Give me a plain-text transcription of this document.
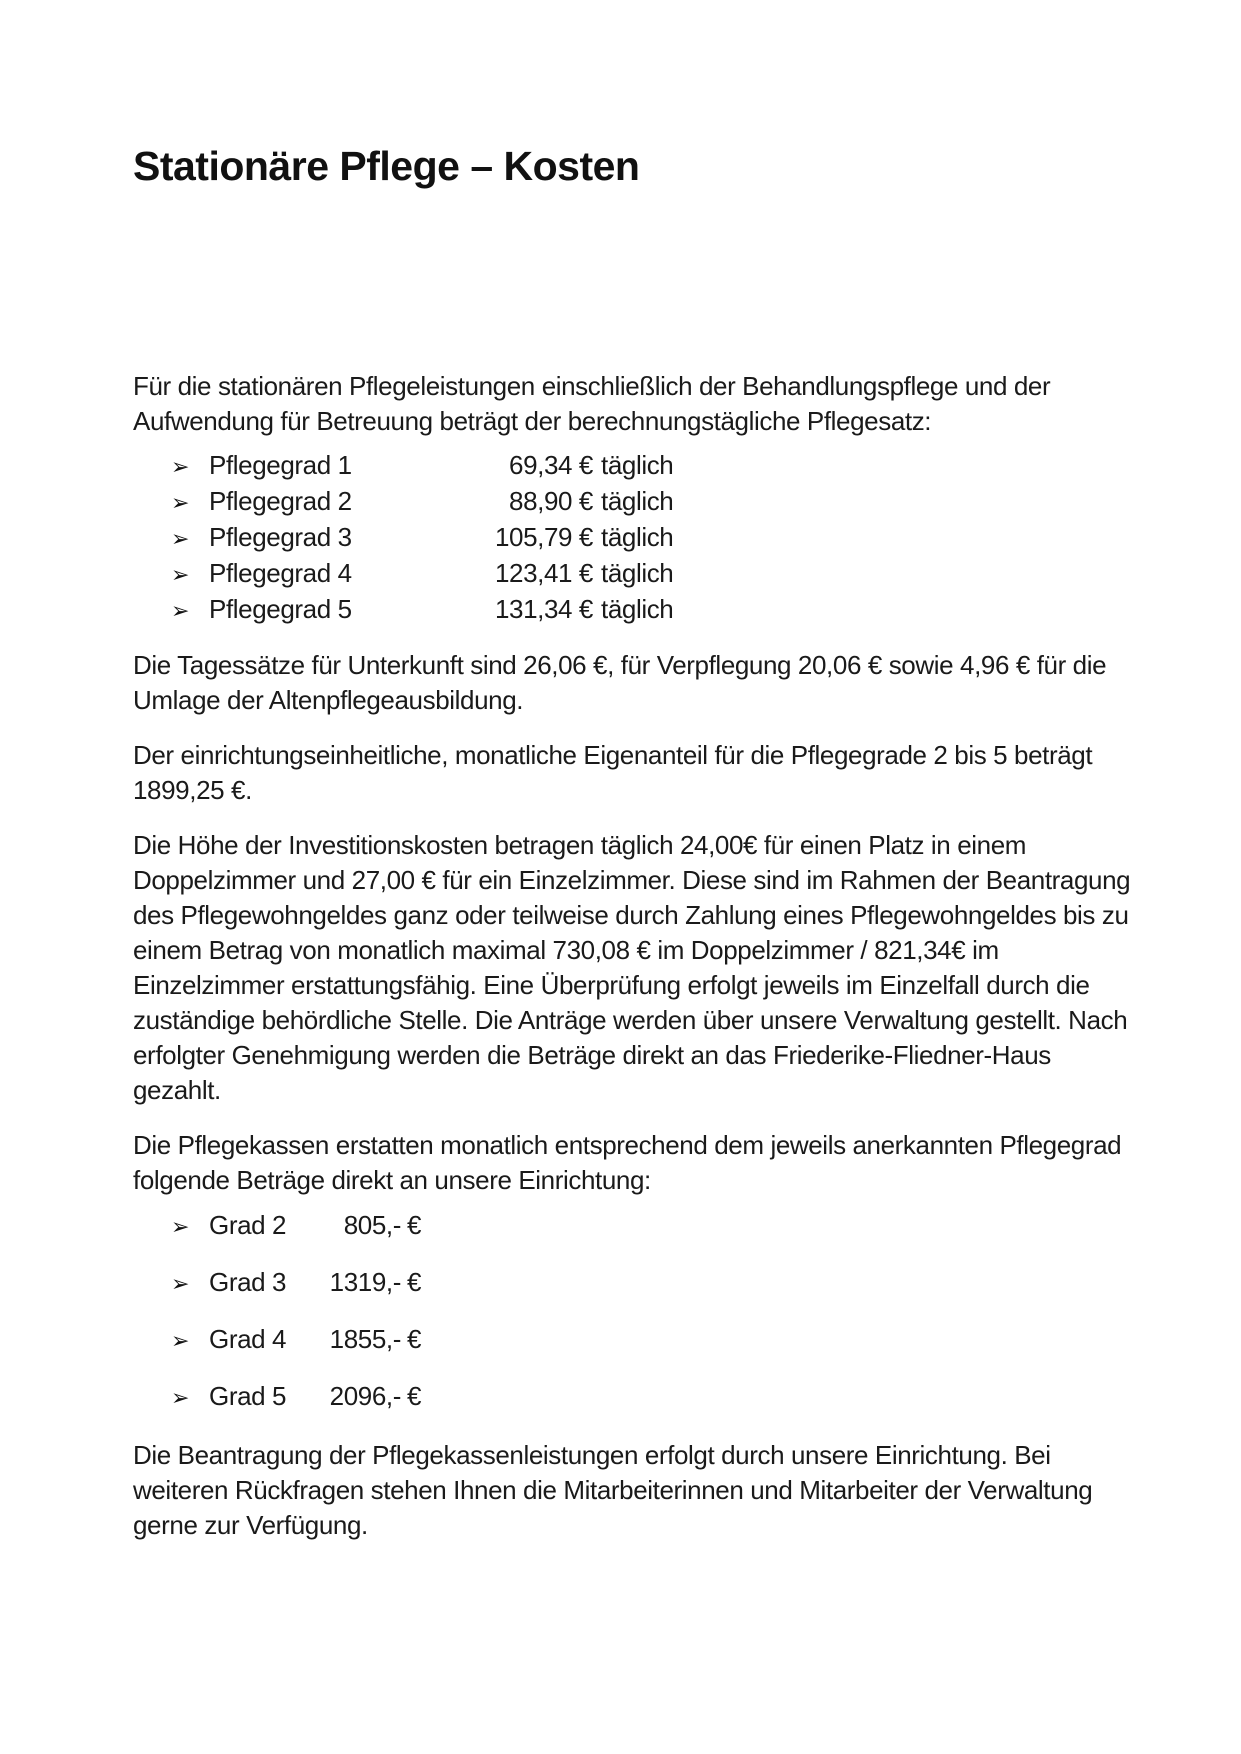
Stationäre Pflege – Kosten

Für die stationären Pflegeleistungen einschließlich der Behandlungspflege und der Aufwendung für Betreuung beträgt der berechnungstägliche Pflegesatz:

➢ Pflegegrad 1	69,34 € täglich
➢ Pflegegrad 2	88,90 € täglich
➢ Pflegegrad 3	105,79 € täglich
➢ Pflegegrad 4	123,41 € täglich
➢ Pflegegrad 5	131,34 € täglich

Die Tagessätze für Unterkunft sind 26,06 €, für Verpflegung 20,06 € sowie 4,96 € für die Umlage der Altenpflegeausbildung.

Der einrichtungseinheitliche, monatliche Eigenanteil für die Pflegegrade 2 bis 5 beträgt 1899,25 €.

Die Höhe der Investitionskosten betragen täglich 24,00€ für einen Platz in einem Doppelzimmer und 27,00 € für ein Einzelzimmer. Diese sind im Rahmen der Beantragung des Pflegewohngeldes ganz oder teilweise durch Zahlung eines Pflegewohngeldes bis zu einem Betrag von monatlich maximal 730,08 € im Doppelzimmer / 821,34€ im Einzelzimmer erstattungsfähig. Eine Überprüfung erfolgt jeweils im Einzelfall durch die zuständige behördliche Stelle. Die Anträge werden über unsere Verwaltung gestellt. Nach erfolgter Genehmigung werden die Beträge direkt an das Friederike-Fliedner-Haus gezahlt.

Die Pflegekassen erstatten monatlich entsprechend dem jeweils anerkannten Pflegegrad folgende Beträge direkt an unsere Einrichtung:

➢ Grad 2	805,- €
➢ Grad 3	1319,- €
➢ Grad 4	1855,- €
➢ Grad 5	2096,- €

Die Beantragung der Pflegekassenleistungen erfolgt durch unsere Einrichtung. Bei weiteren Rückfragen stehen Ihnen die Mitarbeiterinnen und Mitarbeiter der Verwaltung gerne zur Verfügung.
